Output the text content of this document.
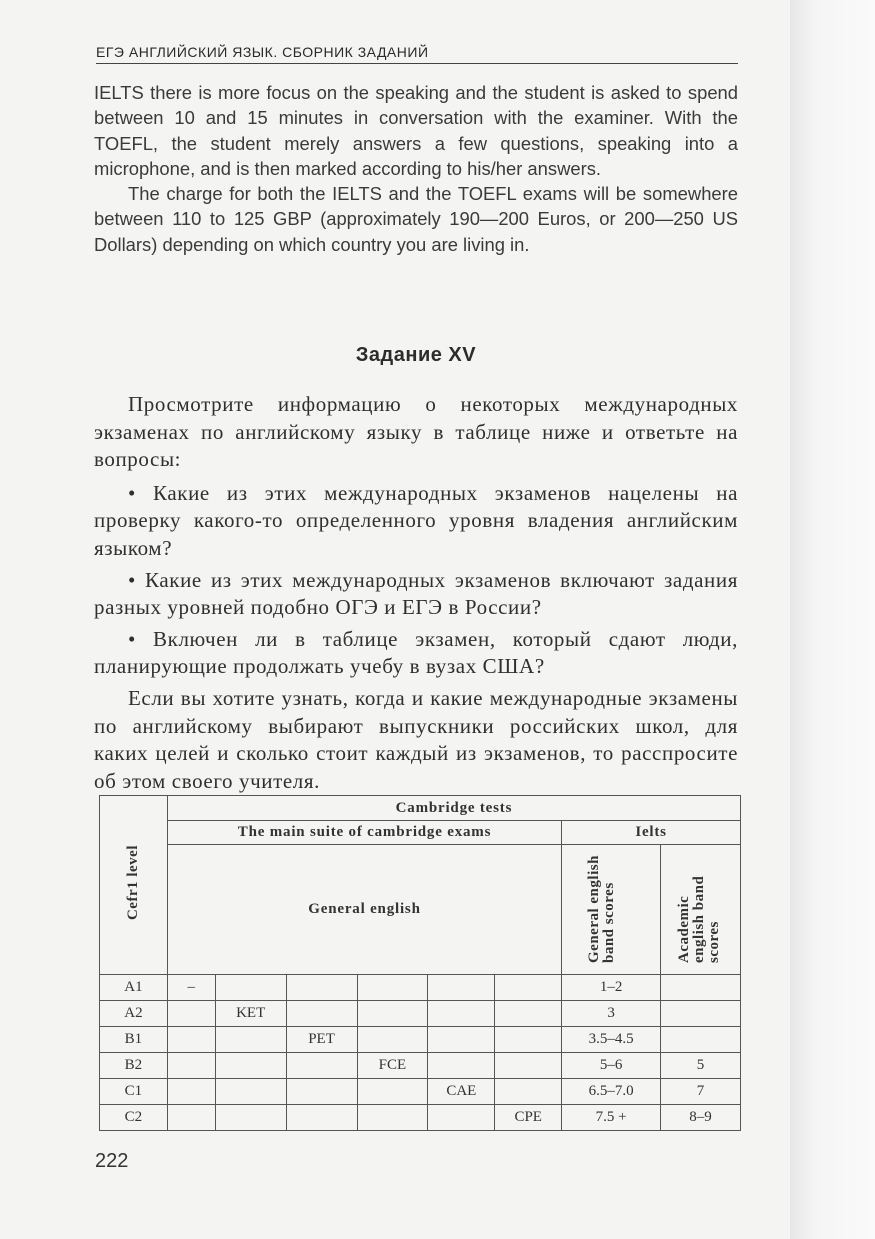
ЕГЭ АНГЛИЙСКИЙ ЯЗЫК. СБОРНИК ЗАДАНИЙ

IELTS there is more focus on the speaking and the student is asked to spend between 10 and 15 minutes in conversation with the examiner. With the TOEFL, the student merely answers a few questions, speaking into a microphone, and is then marked according to his/her answers.

The charge for both the IELTS and the TOEFL exams will be somewhere between 110 to 125 GBP (approximately 190—200 Euros, or 200—250 US Dollars) depending on which country you are living in.

Задание XV

Просмотрите информацию о некоторых международных экзаменах по английскому языку в таблице ниже и ответьте на вопросы:

• Какие из этих международных экзаменов нацелены на проверку какого-то определенного уровня владения английским языком?

• Какие из этих международных экзаменов включают задания разных уровней подобно ОГЭ и ЕГЭ в России?

• Включен ли в таблице экзамен, который сдают люди, планирующие продолжать учебу в вузах США?

Если вы хотите узнать, когда и какие международные экзамены по английскому выбирают выпускники российских школ, для каких целей и сколько стоит каждый из экзаменов, то расспросите об этом своего учителя.

Cefr1 level	Cambridge tests							
	The main suite of cambridge exams						Ielts	
	General english						General english band scores	Academic english band scores
A1	–						1–2	
A2		KET					3	
B1			PET				3.5–4.5	
B2				FCE			5–6	5
C1					CAE		6.5–7.0	7
C2						CPE	7.5 +	8–9
222
